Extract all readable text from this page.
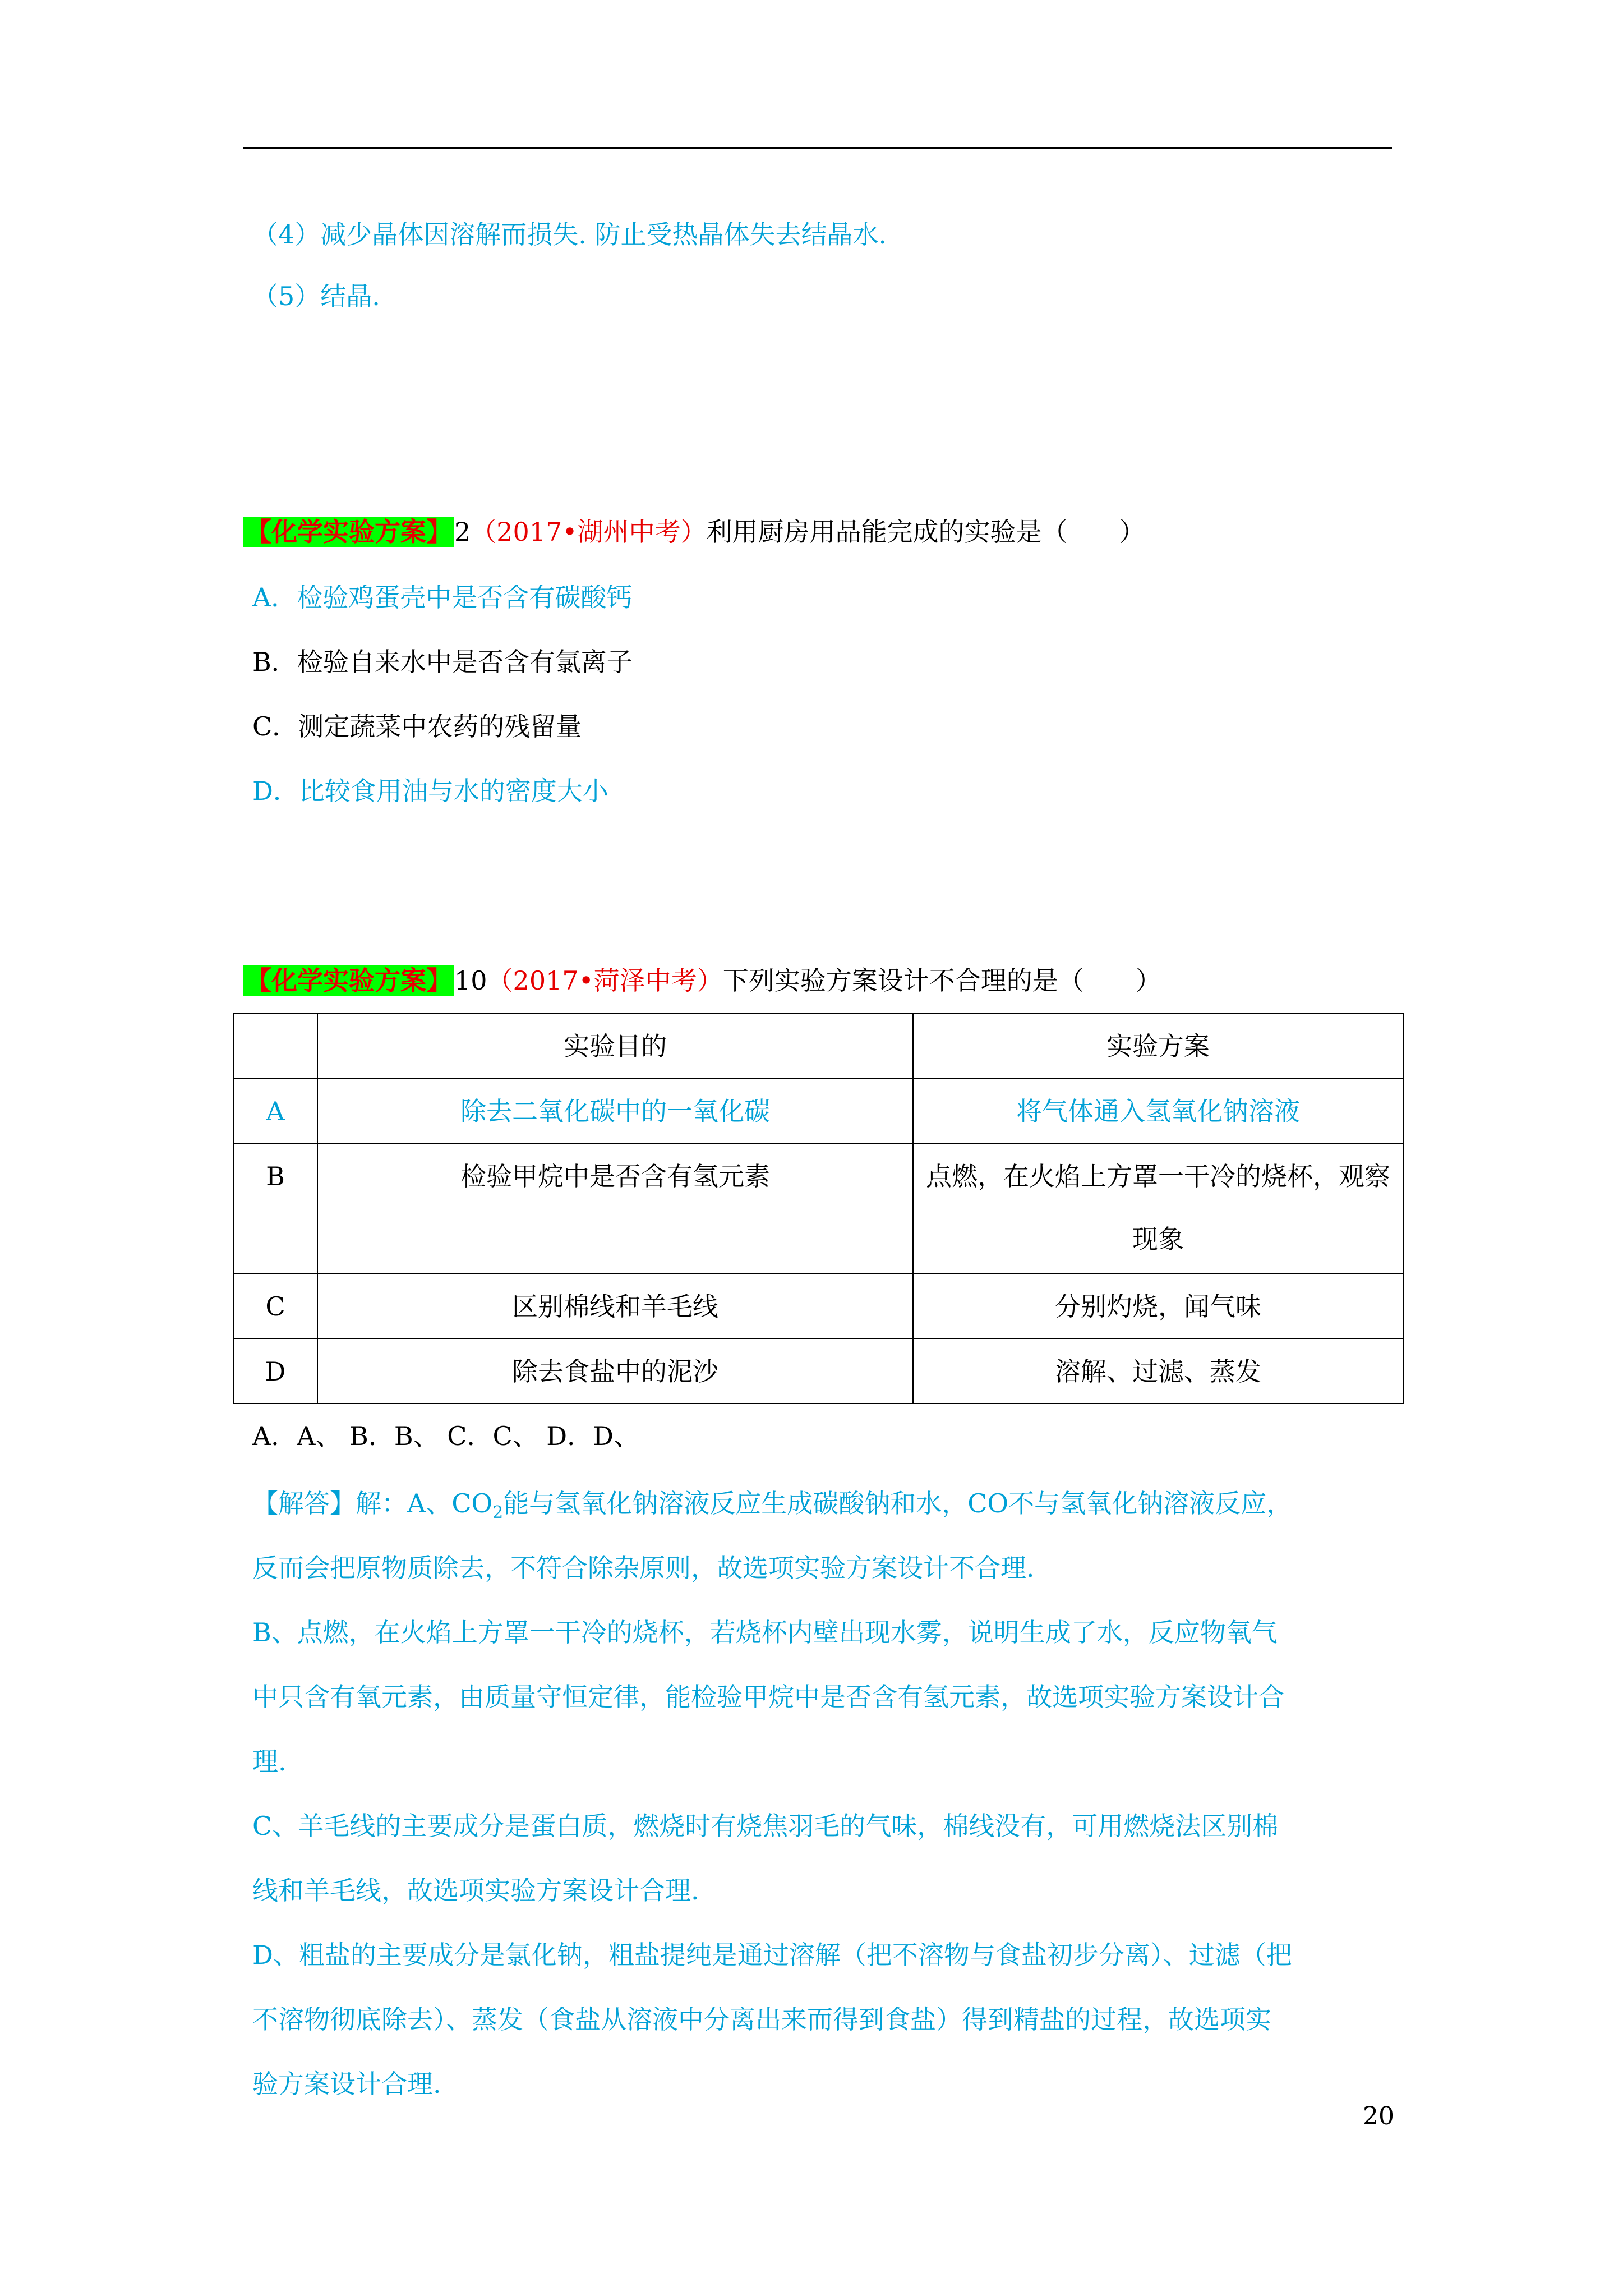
（4）减少晶体因溶解而损失. 防止受热晶体失去结晶水.
（5）结晶.
【化学实验方案】2（2017•湖州中考）利用厨房用品能完成的实验是（　　）
A．检验鸡蛋壳中是否含有碳酸钙
B．检验自来水中是否含有氯离子
C．测定蔬菜中农药的残留量
D．比较食用油与水的密度大小
【化学实验方案】10（2017•菏泽中考）下列实验方案设计不合理的是（　　）
	实验目的	实验方案
A	除去二氧化碳中的一氧化碳	将气体通入氢氧化钠溶液
B	检验甲烷中是否含有氢元素	点燃，在火焰上方罩一干冷的烧杯，观察现象
C	区别棉线和羊毛线	分别灼烧，闻气味
D	除去食盐中的泥沙	溶解、过滤、蒸发
A．A、 B．B、 C．C、 D．D、
【解答】解：A、$CO_2$能与氢氧化钠溶液反应生成碳酸钠和水，CO不与氢氧化钠溶液反应，
反而会把原物质除去，不符合除杂原则，故选项实验方案设计不合理.
B、点燃，在火焰上方罩一干冷的烧杯，若烧杯内壁出现水雾，说明生成了水，反应物氧气
中只含有氧元素，由质量守恒定律，能检验甲烷中是否含有氢元素，故选项实验方案设计合
理.
C、羊毛线的主要成分是蛋白质，燃烧时有烧焦羽毛的气味，棉线没有，可用燃烧法区别棉
线和羊毛线，故选项实验方案设计合理.
D、粗盐的主要成分是氯化钠，粗盐提纯是通过溶解（把不溶物与食盐初步分离）、过滤（把
不溶物彻底除去）、蒸发（食盐从溶液中分离出来而得到食盐）得到精盐的过程，故选项实
验方案设计合理.
20
